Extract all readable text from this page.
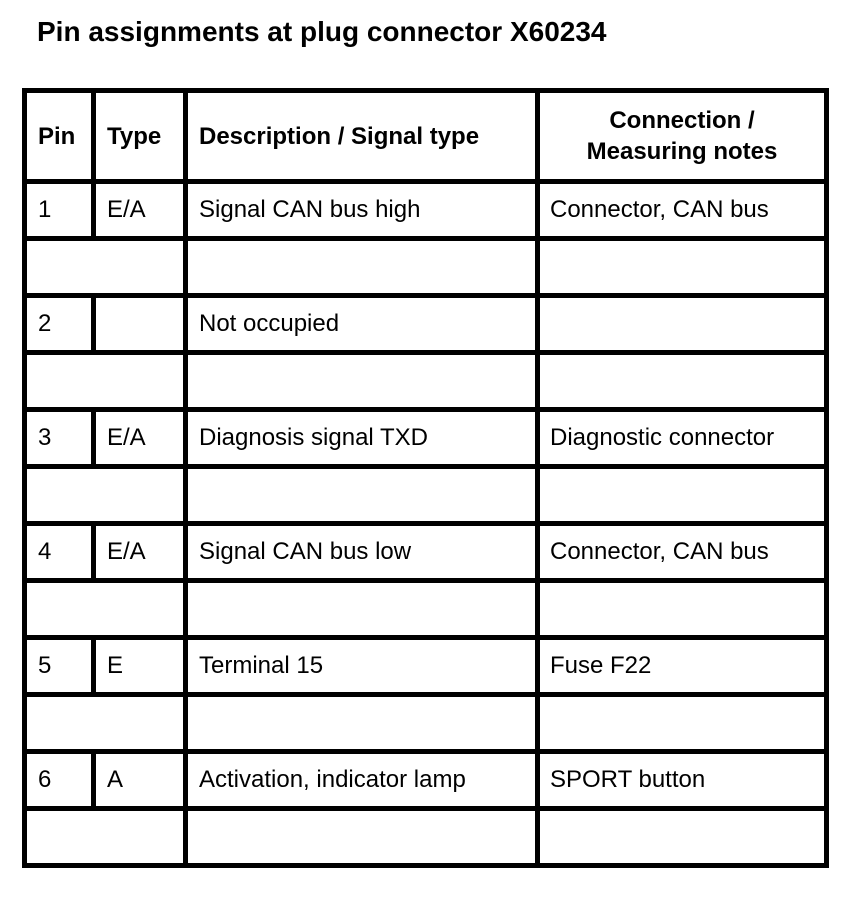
Pin assignments at plug connector X60234
Pin	Type	Description / Signal type	Connection /
Measuring notes

1	E/A	Signal CAN bus high	Connector, CAN bus

2		Not occupied	

3	E/A	Diagnosis signal TXD	Diagnostic connector

4	E/A	Signal CAN bus low	Connector, CAN bus

5	E	Terminal 15	Fuse F22

6	A	Activation, indicator lamp	SPORT button
